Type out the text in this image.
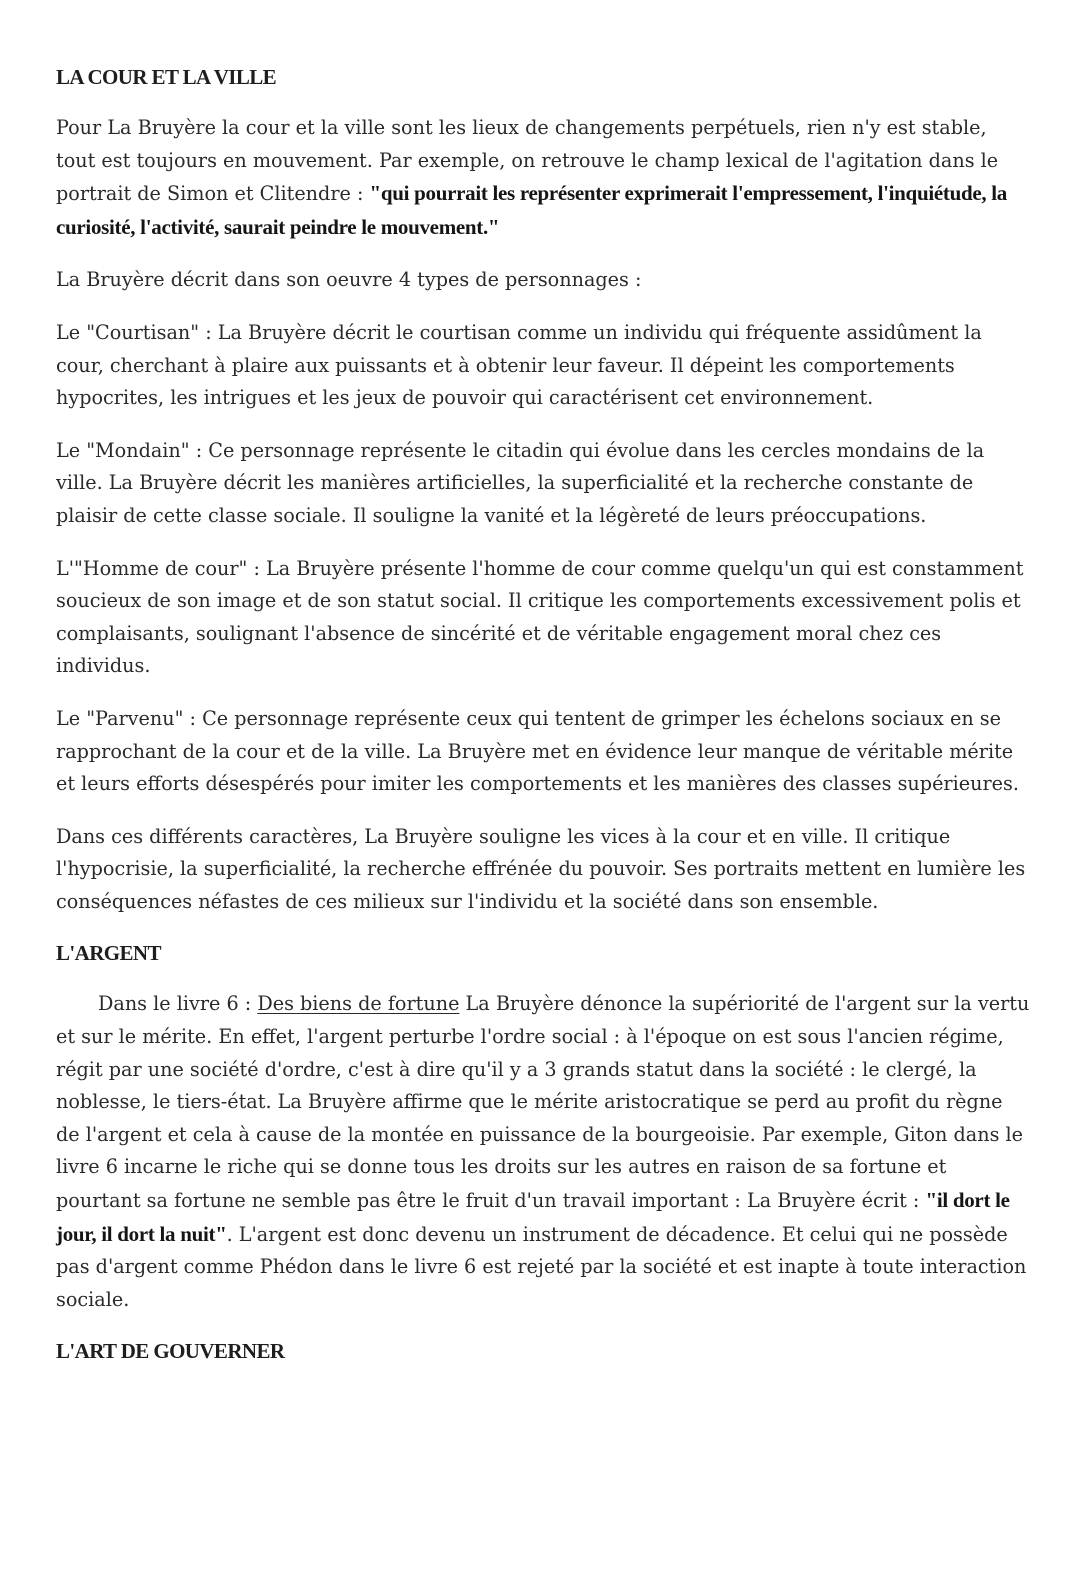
LA COUR ET LA VILLE

Pour La Bruyère la cour et la ville sont les lieux de changements perpétuels, rien n'y est stable, tout est toujours en mouvement. Par exemple, on retrouve le champ lexical de l'agitation dans le portrait de Simon et Clitendre : "qui pourrait les représenter exprimerait l'empressement, l'inquiétude, la curiosité, l'activité, saurait peindre le mouvement."

La Bruyère décrit dans son oeuvre 4 types de personnages :

Le "Courtisan" : La Bruyère décrit le courtisan comme un individu qui fréquente assidûment la cour, cherchant à plaire aux puissants et à obtenir leur faveur. Il dépeint les comportements hypocrites, les intrigues et les jeux de pouvoir qui caractérisent cet environnement.

Le "Mondain" : Ce personnage représente le citadin qui évolue dans les cercles mondains de la ville. La Bruyère décrit les manières artificielles, la superficialité et la recherche constante de plaisir de cette classe sociale. Il souligne la vanité et la légèreté de leurs préoccupations.

L'"Homme de cour" : La Bruyère présente l'homme de cour comme quelqu'un qui est constamment soucieux de son image et de son statut social. Il critique les comportements excessivement polis et complaisants, soulignant l'absence de sincérité et de véritable engagement moral chez ces individus.

Le "Parvenu" : Ce personnage représente ceux qui tentent de grimper les échelons sociaux en se rapprochant de la cour et de la ville. La Bruyère met en évidence leur manque de véritable mérite et leurs efforts désespérés pour imiter les comportements et les manières des classes supérieures.

Dans ces différents caractères, La Bruyère souligne les vices à la cour et en ville. Il critique l'hypocrisie, la superficialité, la recherche effrénée du pouvoir. Ses portraits mettent en lumière les conséquences néfastes de ces milieux sur l'individu et la société dans son ensemble.

L'ARGENT

Dans le livre 6 : Des biens de fortune La Bruyère dénonce la supériorité de l'argent sur la vertu et sur le mérite. En effet, l'argent perturbe l'ordre social : à l'époque on est sous l'ancien régime, régit par une société d'ordre, c'est à dire qu'il y a 3 grands statut dans la société : le clergé, la noblesse, le tiers-état. La Bruyère affirme que le mérite aristocratique se perd au profit du règne de l'argent et cela à cause de la montée en puissance de la bourgeoisie. Par exemple, Giton dans le livre 6 incarne le riche qui se donne tous les droits sur les autres en raison de sa fortune et pourtant sa fortune ne semble pas être le fruit d'un travail important : La Bruyère écrit : "il dort le jour, il dort la nuit". L'argent est donc devenu un instrument de décadence. Et celui qui ne possède pas d'argent comme Phédon dans le livre 6 est rejeté par la société et est inapte à toute interaction sociale.

L'ART DE GOUVERNER
